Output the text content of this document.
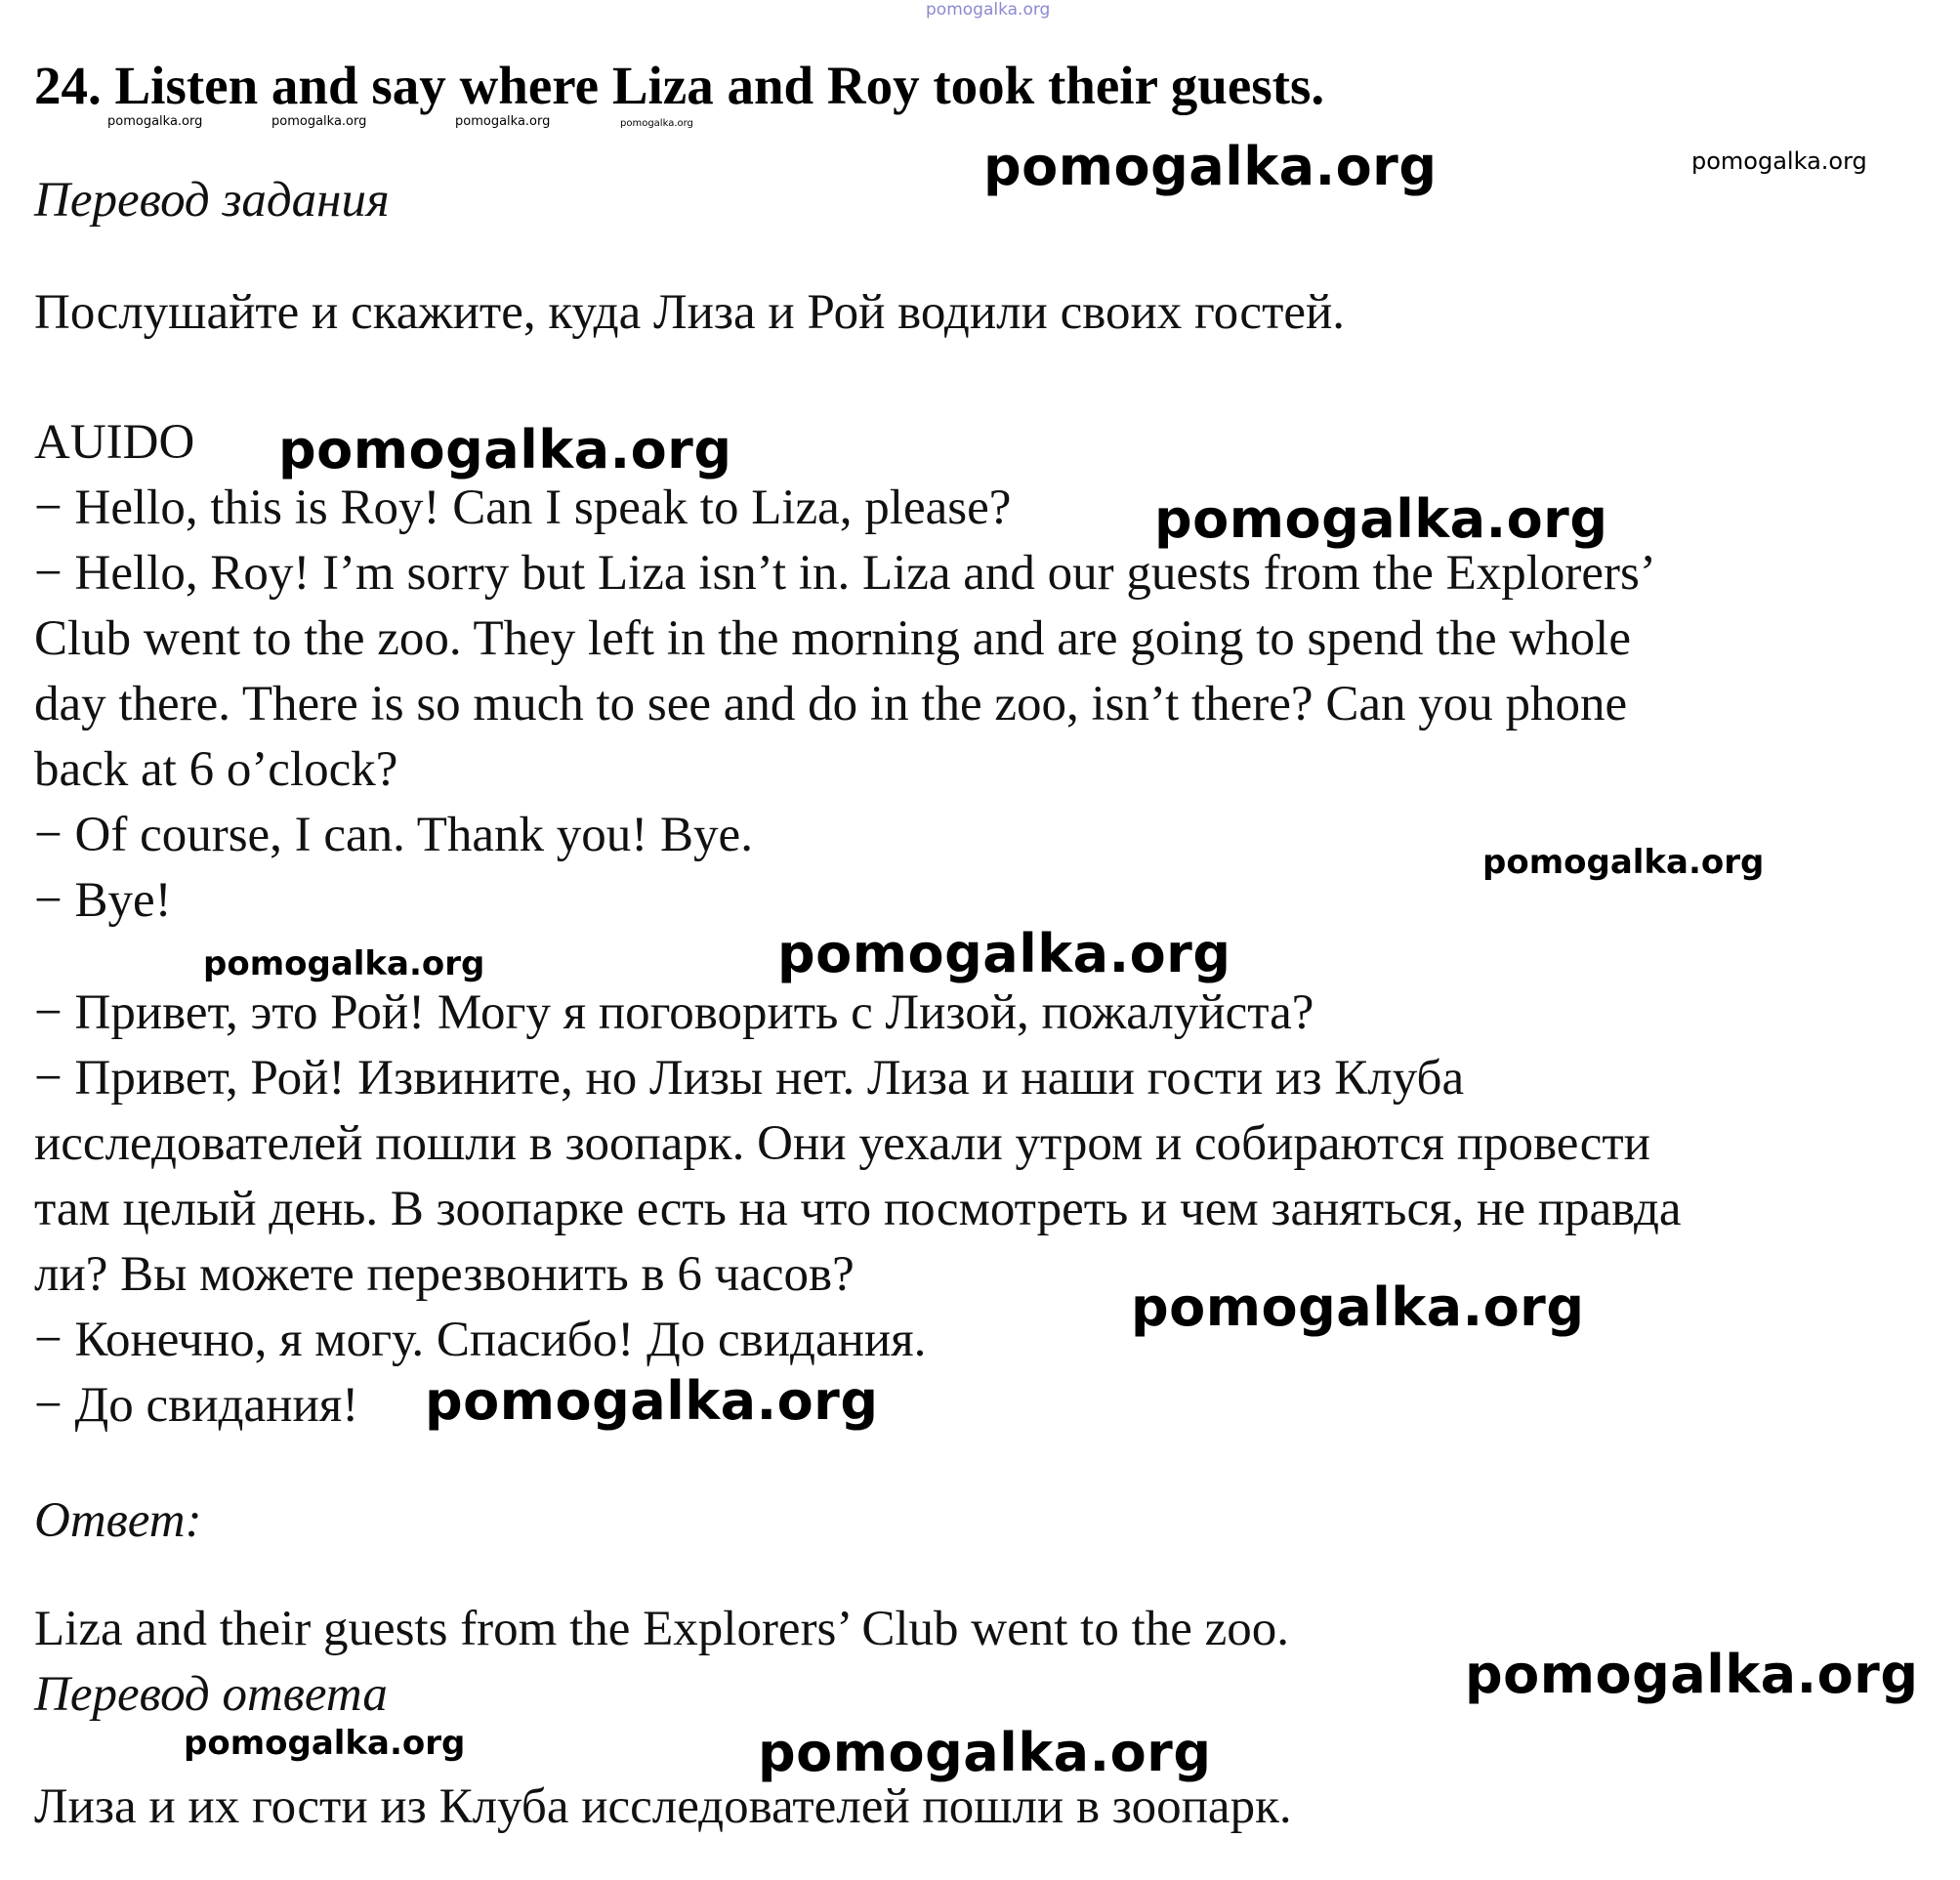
pomogalka.org
24. Listen and say where Liza and Roy took their guests.
pomogalka.org	pomogalka.org	pomogalka.org	pomogalka.org
Перевод задания
pomogalka.org	pomogalka.org
Послушайте и скажите, куда Лиза и Рой водили своих гостей.
AUIDO pomogalka.org
− Hello, this is Roy! Can I speak to Liza, please?	pomogalka.org
− Hello, Roy! I’m sorry but Liza isn’t in. Liza and our guests from the Explorers’
Club went to the zoo. They left in the morning and are going to spend the whole
day there. There is so much to see and do in the zoo, isn’t there? Can you phone
back at 6 o’clock?
− Of course, I can. Thank you! Bye.	pomogalka.org
− Bye!
pomogalka.org	pomogalka.org
− Привет, это Рой! Могу я поговорить с Лизой, пожалуйста?
− Привет, Рой! Извините, но Лизы нет. Лиза и наши гости из Клуба
исследователей пошли в зоопарк. Они уехали утром и собираются провести
там целый день. В зоопарке есть на что посмотреть и чем заняться, не правда
ли? Вы можете перезвонить в 6 часов?
pomogalka.org
− Конечно, я могу. Спасибо! До свидания.
− До свидания! pomogalka.org
Ответ:
Liza and their guests from the Explorers’ Club went to the zoo.
pomogalka.org
Перевод ответа
pomogalka.org	pomogalka.org
Лиза и их гости из Клуба исследователей пошли в зоопарк.
